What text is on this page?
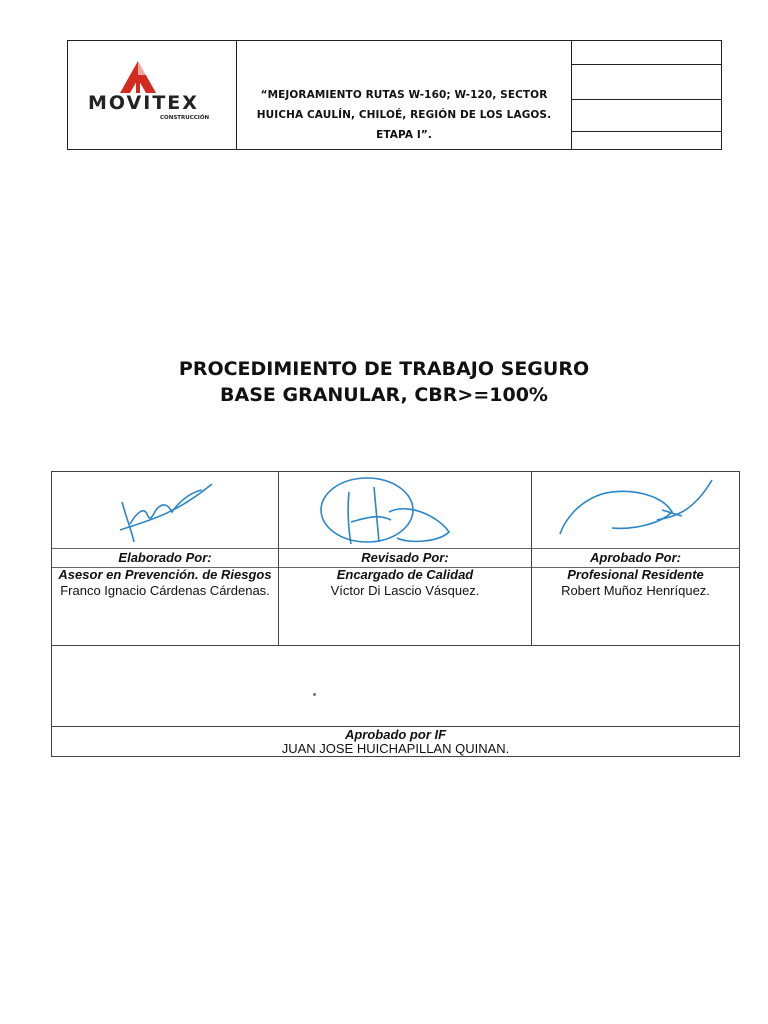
MOVITEX
CONSTRUCCIÓN

“MEJORAMIENTO RUTAS W-160; W-120, SECTOR
HUICHA CAULÍN, CHILOÉ, REGIÓN DE LOS LAGOS.
ETAPA I”.

PROCEDIMIENTO DE TRABAJO SEGURO
BASE GRANULAR, CBR>=100%
Elaborado Por:
Asesor en Prevención. de Riesgos
Franco Ignacio Cárdenas Cárdenas.
Revisado Por:
Encargado de Calidad
Víctor Di Lascio Vásquez.
Aprobado Por:
Profesional Residente
Robert Muñoz Henríquez.
Aprobado por IF
JUAN JOSE HUICHAPILLAN QUINAN.
